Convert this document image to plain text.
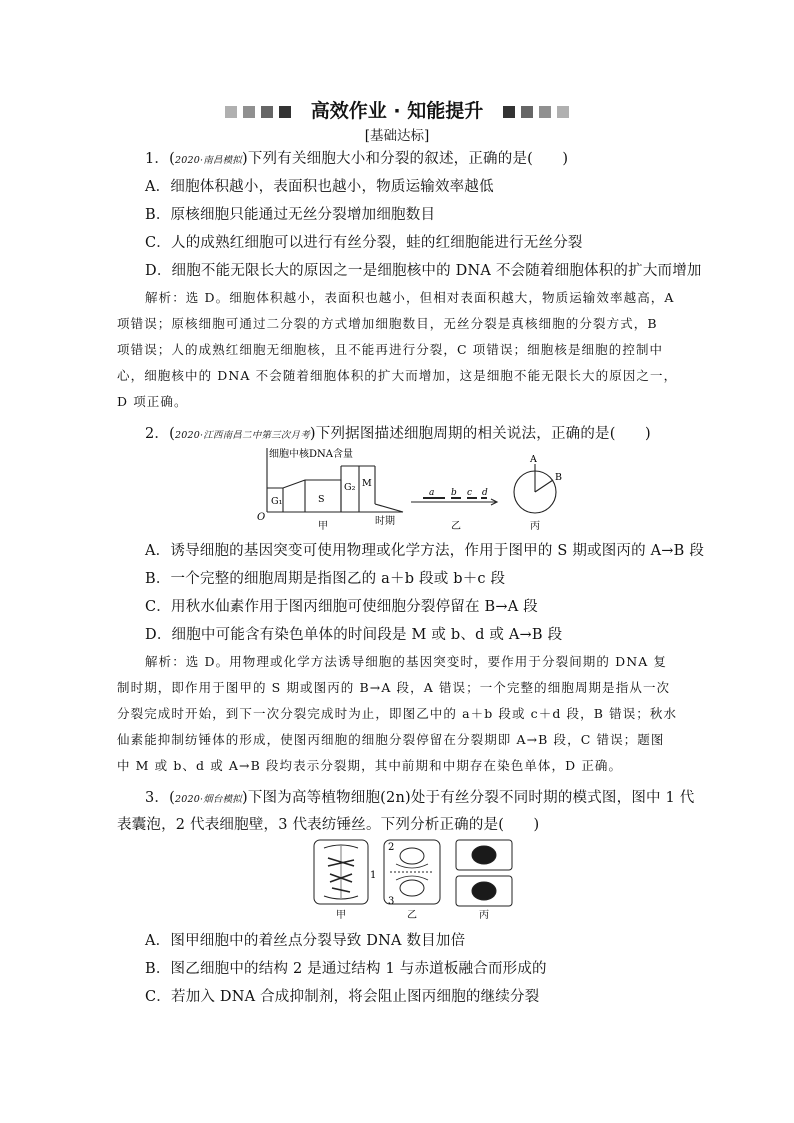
高效作业 · 知能提升
[基础达标]
1．(2020·南昌模拟)下列有关细胞大小和分裂的叙述，正确的是(　　)
A．细胞体积越小，表面积也越小，物质运输效率越低
B．原核细胞只能通过无丝分裂增加细胞数目
C．人的成熟红细胞可以进行有丝分裂，蛙的红细胞能进行无丝分裂
D．细胞不能无限长大的原因之一是细胞核中的 DNA 不会随着细胞体积的扩大而增加
解析：选 D。细胞体积越小，表面积也越小，但相对表面积越大，物质运输效率越高，A
项错误；原核细胞可通过二分裂的方式增加细胞数目，无丝分裂是真核细胞的分裂方式，B
项错误；人的成熟红细胞无细胞核，且不能再进行分裂，C 项错误；细胞核是细胞的控制中
心，细胞核中的 DNA 不会随着细胞体积的扩大而增加，这是细胞不能无限长大的原因之一，
D 项正确。
2．(2020·江西南昌二中第三次月考)下列据图描述细胞周期的相关说法，正确的是(　　)
细胞中核DNA含量
O
G₁	S
G₂ M
甲	时期
a b c d
乙
A
B
丙
A．诱导细胞的基因突变可使用物理或化学方法，作用于图甲的 S 期或图丙的 A→B 段
B．一个完整的细胞周期是指图乙的 a＋b 段或 b＋c 段
C．用秋水仙素作用于图丙细胞可使细胞分裂停留在 B→A 段
D．细胞中可能含有染色单体的时间段是 M 或 b、d 或 A→B 段
解析：选 D。用物理或化学方法诱导细胞的基因突变时，要作用于分裂间期的 DNA 复
制时期，即作用于图甲的 S 期或图丙的 B→A 段，A 错误；一个完整的细胞周期是指从一次
分裂完成时开始，到下一次分裂完成时为止，即图乙中的 a＋b 段或 c＋d 段，B 错误；秋水
仙素能抑制纺锤体的形成，使图丙细胞的细胞分裂停留在分裂期即 A→B 段，C 错误；题图
中 M 或 b、d 或 A→B 段均表示分裂期，其中前期和中期存在染色单体，D 正确。
3．(2020·烟台模拟)下图为高等植物细胞(2n)处于有丝分裂不同时期的模式图，图中 1 代
表囊泡，2 代表细胞壁，3 代表纺锤丝。下列分析正确的是(　　)
1
2
3
甲	乙	丙
A．图甲细胞中的着丝点分裂导致 DNA 数目加倍
B．图乙细胞中的结构 2 是通过结构 1 与赤道板融合而形成的
C．若加入 DNA 合成抑制剂，将会阻止图丙细胞的继续分裂
